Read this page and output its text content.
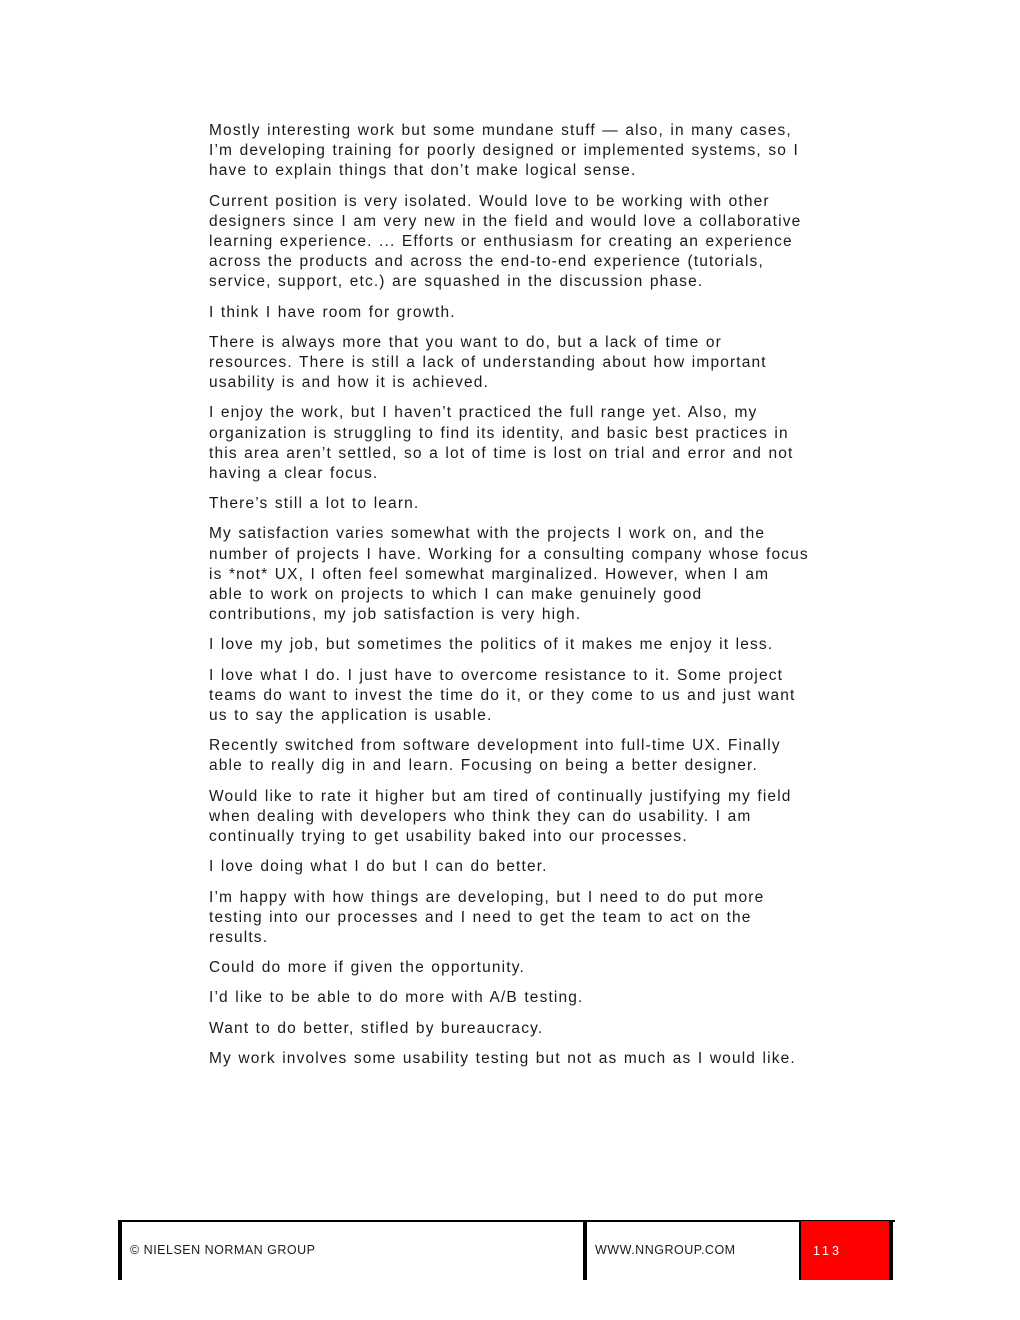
Mostly interesting work but some mundane stuff — also, in many cases, I’m developing training for poorly designed or implemented systems, so I have to explain things that don’t make logical sense.

Current position is very isolated. Would love to be working with other designers since I am very new in the field and would love a collaborative learning experience. ... Efforts or enthusiasm for creating an experience across the products and across the end-to-end experience (tutorials, service, support, etc.) are squashed in the discussion phase.

I think I have room for growth.

There is always more that you want to do, but a lack of time or resources. There is still a lack of understanding about how important usability is and how it is achieved.

I enjoy the work, but I haven’t practiced the full range yet. Also, my organization is struggling to find its identity, and basic best practices in this area aren’t settled, so a lot of time is lost on trial and error and not having a clear focus.

There’s still a lot to learn.

My satisfaction varies somewhat with the projects I work on, and the number of projects I have. Working for a consulting company whose focus is *not* UX, I often feel somewhat marginalized. However, when I am able to work on projects to which I can make genuinely good contributions, my job satisfaction is very high.

I love my job, but sometimes the politics of it makes me enjoy it less.

I love what I do. I just have to overcome resistance to it. Some project teams do want to invest the time do it, or they come to us and just want us to say the application is usable.

Recently switched from software development into full-time UX. Finally able to really dig in and learn. Focusing on being a better designer.

Would like to rate it higher but am tired of continually justifying my field when dealing with developers who think they can do usability. I am continually trying to get usability baked into our processes.

I love doing what I do but I can do better.

I’m happy with how things are developing, but I need to do put more testing into our processes and I need to get the team to act on the results.

Could do more if given the opportunity.

I’d like to be able to do more with A/B testing.

Want to do better, stifled by bureaucracy.

My work involves some usability testing but not as much as I would like.

© NIELSEN NORMAN GROUP	WWW.NNGROUP.COM	113
